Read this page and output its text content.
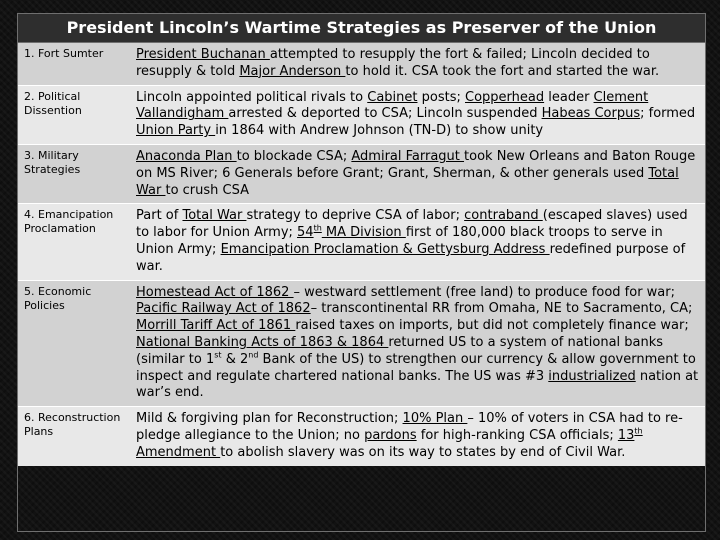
President Lincoln’s Wartime Strategies as Preserver of the Union
1. Fort Sumter	President Buchanan attempted to resupply the fort & failed; Lincoln decided to resupply & told Major Anderson to hold it. CSA took the fort and started the war.
2. Political Dissention	Lincoln appointed political rivals to Cabinet posts; Copperhead leader Clement Vallandigham arrested & deported to CSA; Lincoln suspended Habeas Corpus; formed Union Party in 1864 with Andrew Johnson (TN-D) to show unity
3. Military Strategies	Anaconda Plan to blockade CSA; Admiral Farragut took New Orleans and Baton Rouge on MS River; 6 Generals before Grant; Grant, Sherman, & other generals used Total War to crush CSA
4. Emancipation Proclamation	Part of Total War strategy to deprive CSA of labor; contraband (escaped slaves) used to labor for Union Army; 54th MA Division first of 180,000 black troops to serve in Union Army; Emancipation Proclamation & Gettysburg Address redefined purpose of war.
5. Economic Policies	Homestead Act of 1862 – westward settlement (free land) to produce food for war; Pacific Railway Act of 1862– transcontinental RR from Omaha, NE to Sacramento, CA; Morrill Tariff Act of 1861 raised taxes on imports, but did not completely finance war; National Banking Acts of 1863 & 1864 returned US to a system of national banks (similar to 1st & 2nd Bank of the US) to strengthen our currency & allow government to inspect and regulate chartered national banks. The US was #3 industrialized nation at war’s end.
6. Reconstruction Plans	Mild & forgiving plan for Reconstruction; 10% Plan – 10% of voters in CSA had to re-pledge allegiance to the Union; no pardons for high-ranking CSA officials; 13th Amendment to abolish slavery was on its way to states by end of Civil War.
